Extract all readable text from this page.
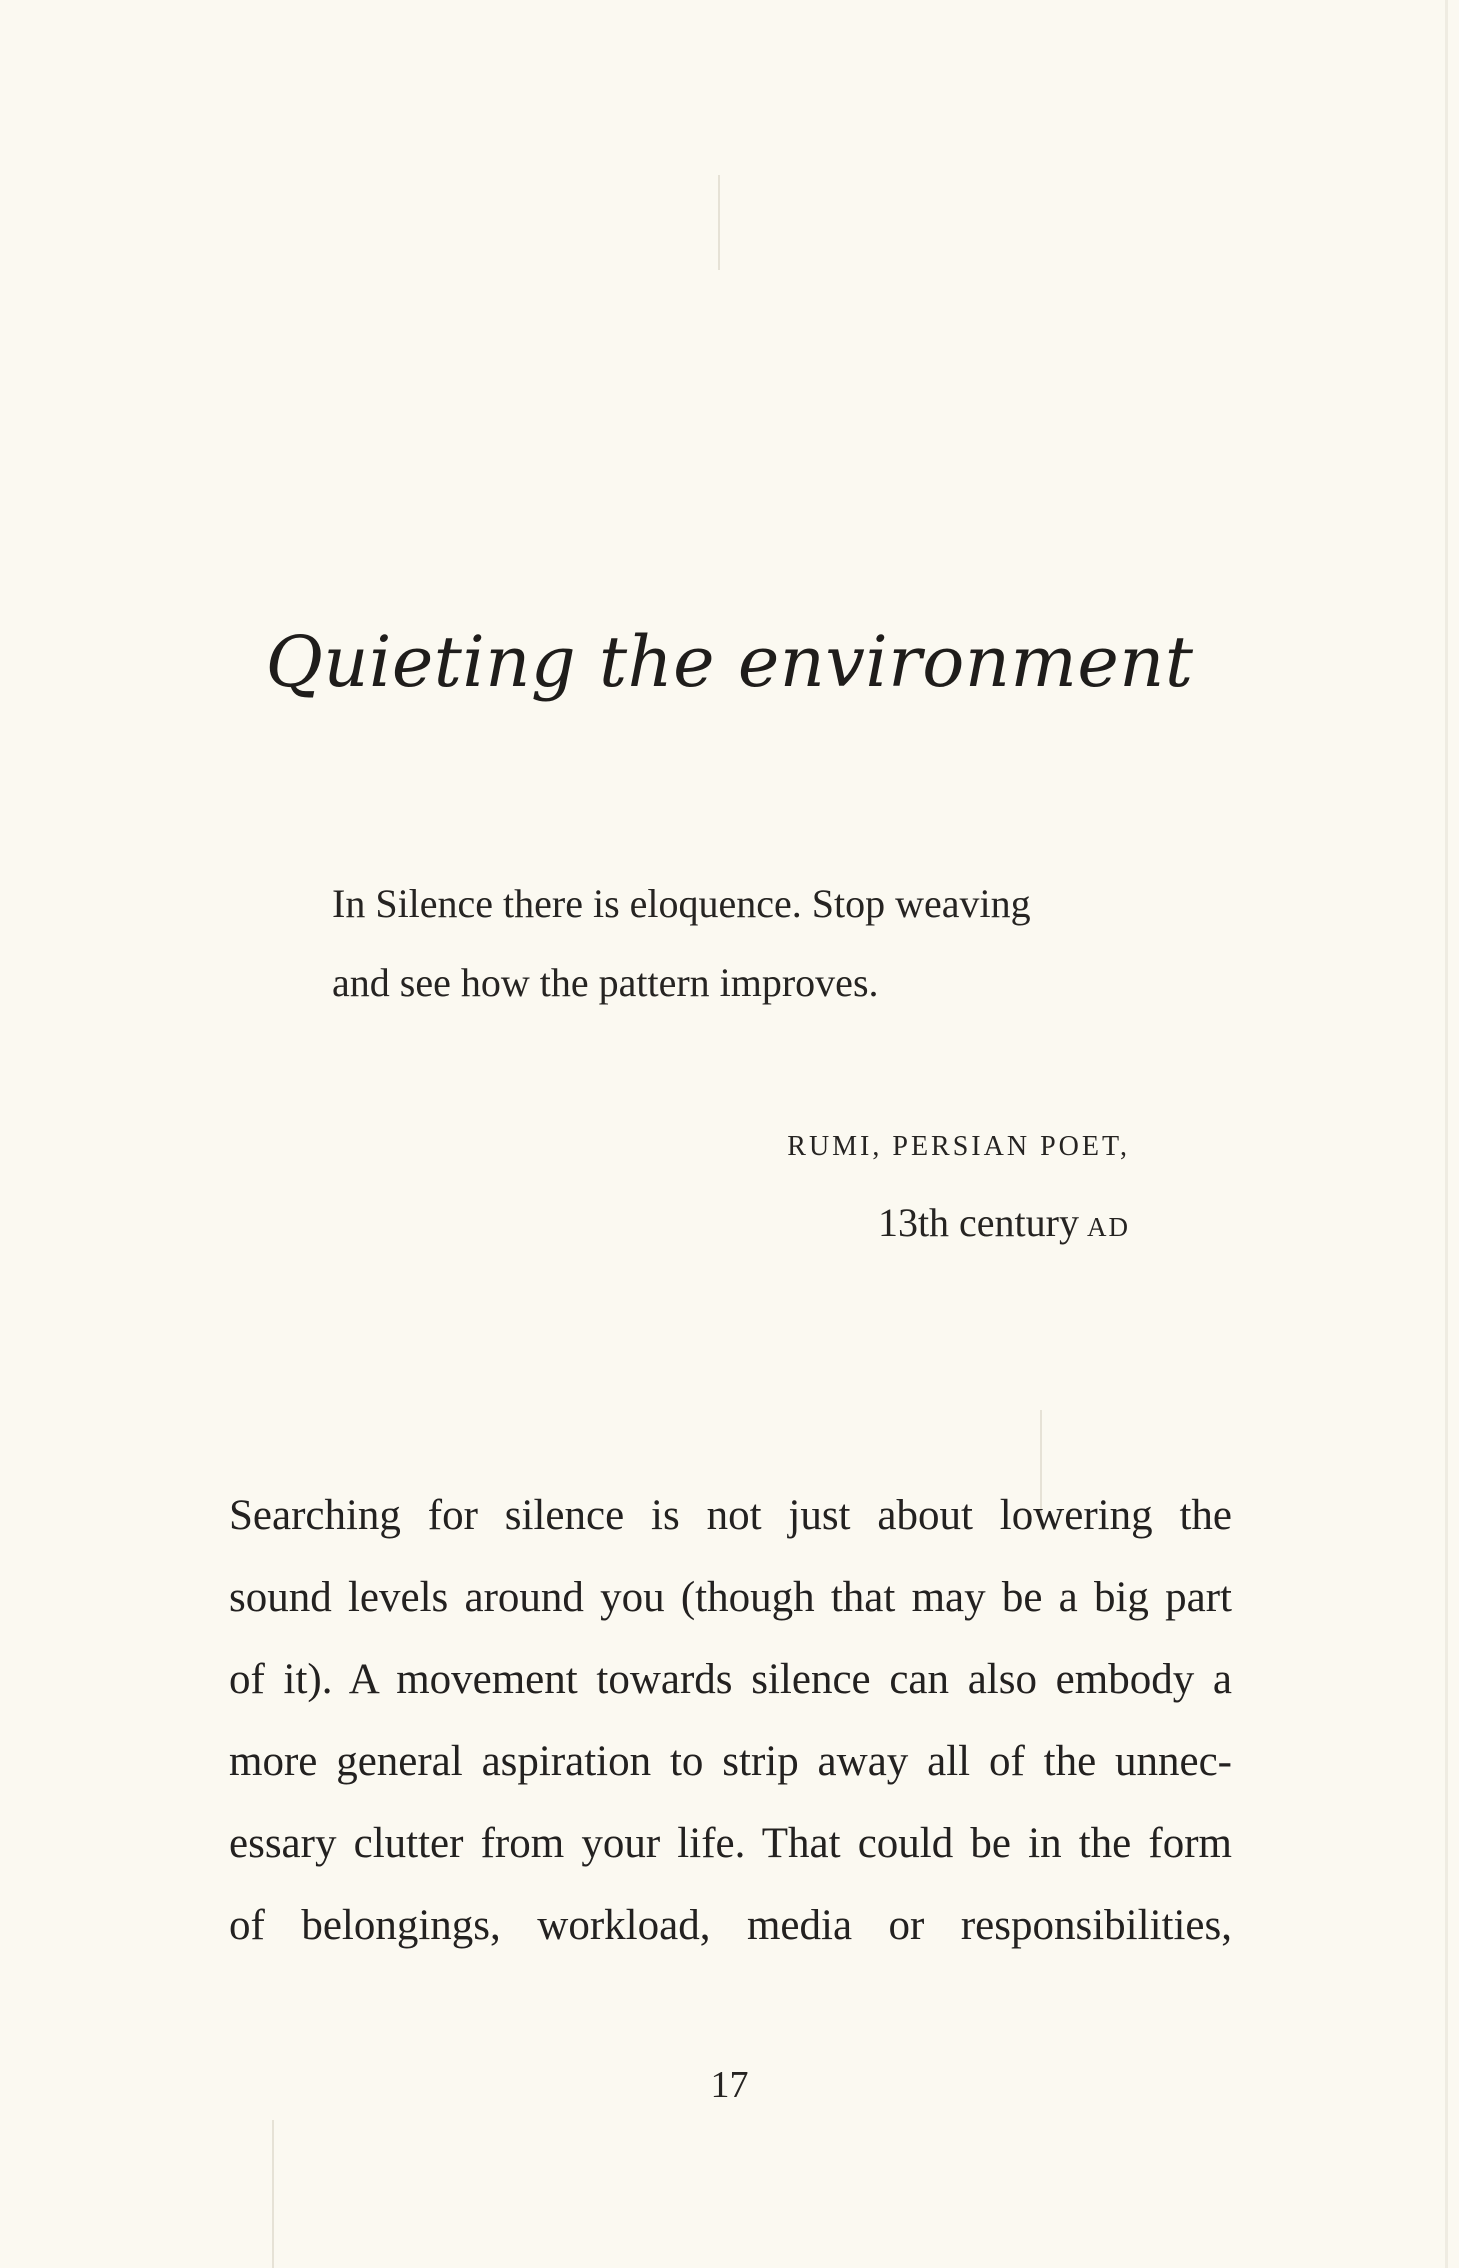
Quieting the environment

In Silence there is eloquence. Stop weaving

and see how the pattern improves.

RUMI, PERSIAN POET,
13th century AD
Searching for silence is not just about lowering the
sound levels around you (though that may be a big part
of it). A movement towards silence can also embody a
more general aspiration to strip away all of the unnec-
essary clutter from your life. That could be in the form
of belongings, workload, media or responsibilities,
17
